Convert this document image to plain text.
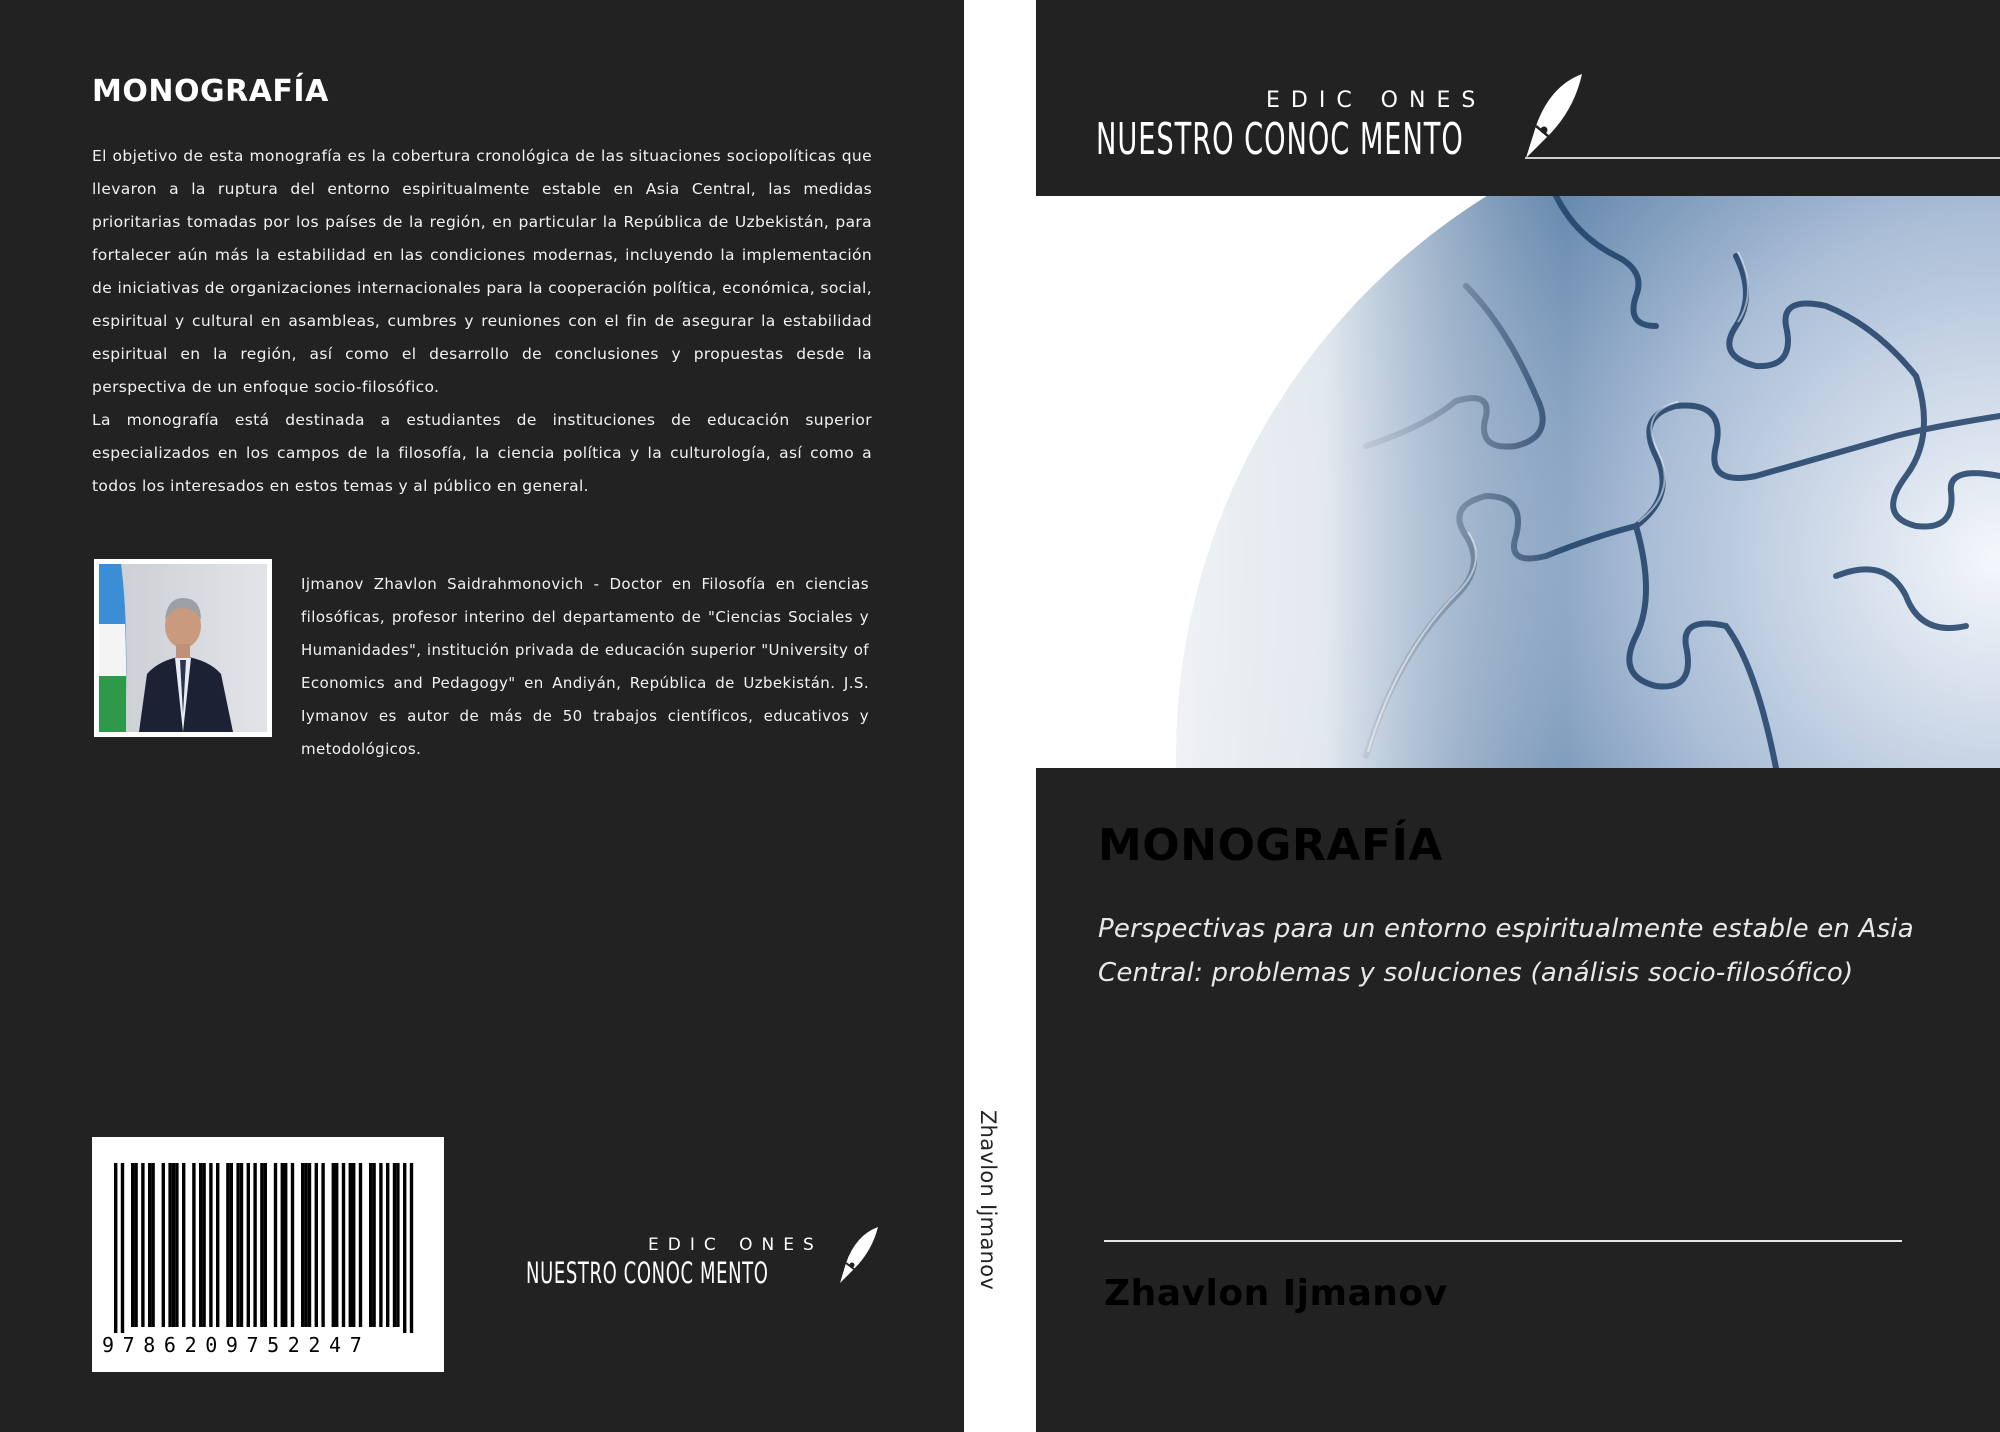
MONOGRAFÍA

El objetivo de esta monografía es la cobertura cronológica de las situaciones sociopolíticas que llevaron a la ruptura del entorno espiritualmente estable en Asia Central, las medidas prioritarias tomadas por los países de la región, en particular la República de Uzbekistán, para fortalecer aún más la estabilidad en las condiciones modernas, incluyendo la implementación de iniciativas de organizaciones internacionales para la cooperación política, económica, social, espiritual y cultural en asambleas, cumbres y reuniones con el fin de asegurar la estabilidad espiritual en la región, así como el desarrollo de conclusiones y propuestas desde la perspectiva de un enfoque socio-filosófico.

La monografía está destinada a estudiantes de instituciones de educación superior especializados en los campos de la filosofía, la ciencia política y la culturología, así como a todos los interesados en estos temas y al público en general.

Ijmanov Zhavlon Saidrahmonovich - Doctor en Filosofía en ciencias filosóficas, profesor interino del departamento de "Ciencias Sociales y Humanidades", institución privada de educación superior "University of Economics and Pedagogy" en Andiyán, República de Uzbekistán. J.S. Iymanov es autor de más de 50 trabajos científicos, educativos y metodológicos.

9786209752247
EDIC ONES
NUESTRO CONOC MENTO	Zhavlon Ijmanov
EDIC ONES
NUESTRO CONOC MENTO
MONOGRAFÍA

Perspectivas para un entorno espiritualmente estable en Asia Central: problemas y soluciones (análisis socio-filosófico)

Zhavlon Ijmanov
